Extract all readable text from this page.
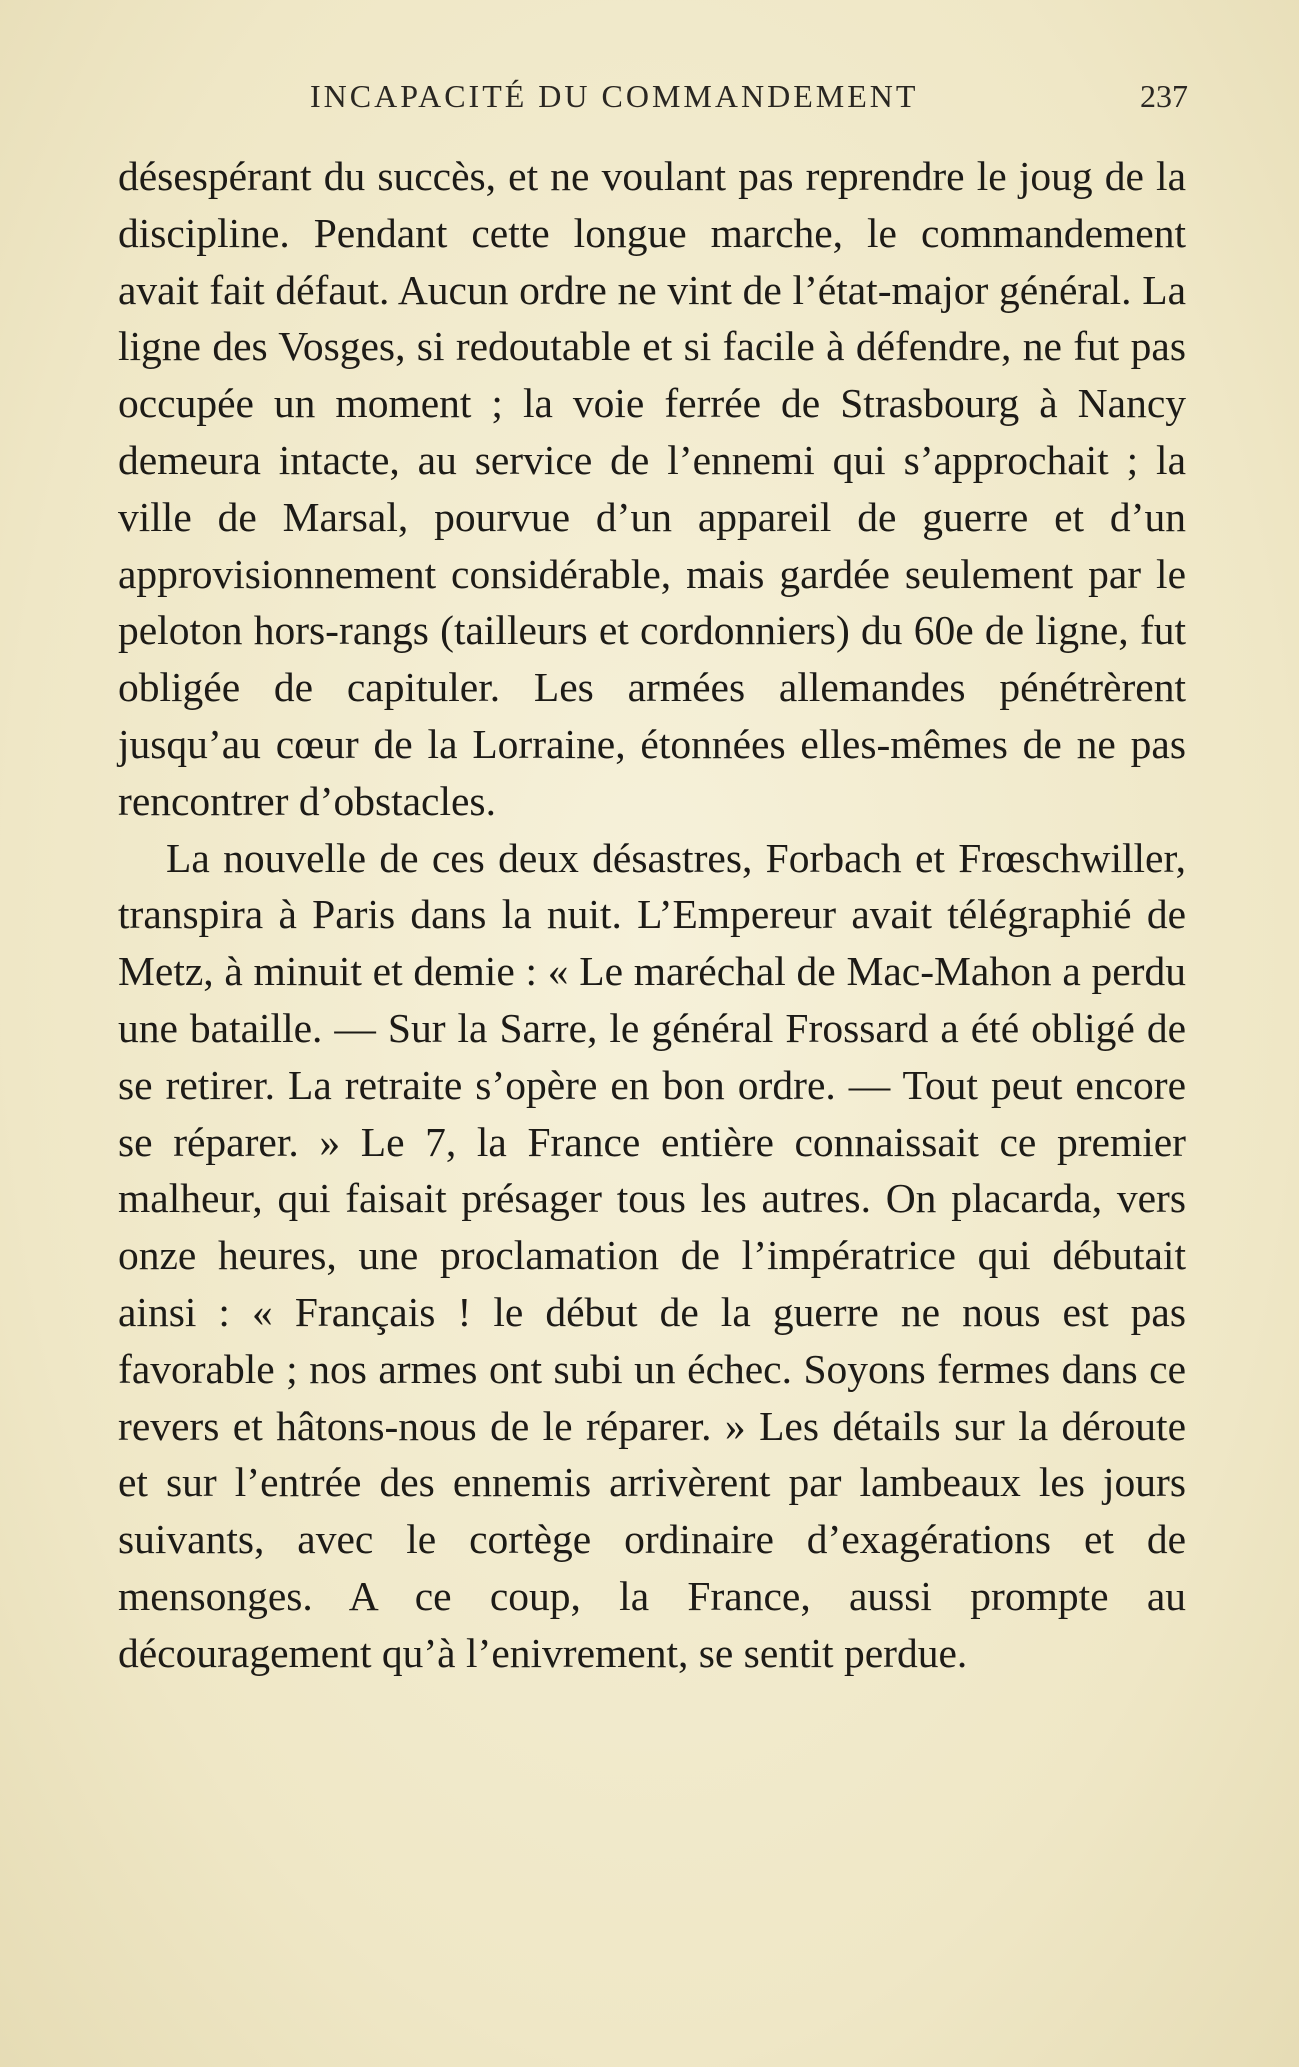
INCAPACITÉ DU COMMANDEMENT	237

désespérant du succès, et ne voulant pas reprendre le joug de la discipline. Pendant cette longue marche, le commandement avait fait défaut. Aucun ordre ne vint de l’état-major général. La ligne des Vosges, si redoutable et si facile à défendre, ne fut pas occupée un moment ; la voie ferrée de Strasbourg à Nancy demeura intacte, au service de l’ennemi qui s’approchait ; la ville de Marsal, pourvue d’un appareil de guerre et d’un approvisionnement considérable, mais gardée seulement par le peloton hors-rangs (tailleurs et cordonniers) du 60e de ligne, fut obligée de capituler. Les armées allemandes pénétrèrent jusqu’au cœur de la Lorraine, étonnées elles-mêmes de ne pas rencontrer d’obstacles.

La nouvelle de ces deux désastres, Forbach et Frœschwiller, transpira à Paris dans la nuit. L’Empereur avait télégraphié de Metz, à minuit et demie : « Le maréchal de Mac-Mahon a perdu une bataille. — Sur la Sarre, le général Frossard a été obligé de se retirer. La retraite s’opère en bon ordre. — Tout peut encore se réparer. » Le 7, la France entière connaissait ce premier malheur, qui faisait présager tous les autres. On placarda, vers onze heures, une proclamation de l’impératrice qui débutait ainsi : « Français ! le début de la guerre ne nous est pas favorable ; nos armes ont subi un échec. Soyons fermes dans ce revers et hâtons-nous de le réparer. » Les détails sur la déroute et sur l’entrée des ennemis arrivèrent par lambeaux les jours suivants, avec le cortège ordinaire d’exagérations et de mensonges. A ce coup, la France, aussi prompte au découragement qu’à l’enivrement, se sentit perdue.
